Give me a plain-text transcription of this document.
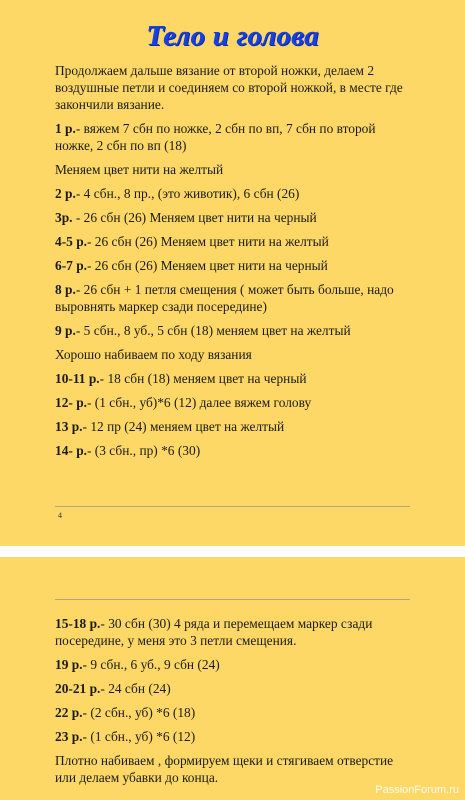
Тело и голова

Продолжаем дальше вязание от второй ножки, делаем 2 воздушные петли и соединяем со второй ножкой, в месте где закончили вязание.

1 р.- вяжем 7 сбн по ножке, 2 сбн по вп, 7 сбн по второй ножке, 2 сбн по вп (18)

Меняем цвет нити на желтый

2 р.- 4 сбн., 8 пр., (это животик), 6 сбн (26)

3р. - 26 сбн (26) Меняем цвет нити на черный

4-5 р.- 26 сбн (26) Меняем цвет нити на желтый

6-7 р.- 26 сбн (26) Меняем цвет нити на черный

8 р.- 26 сбн + 1 петля смещения ( может быть больше, надо выровнять маркер сзади посередине)

9 р.- 5 сбн., 8 уб., 5 сбн (18) меняем цвет на желтый

Хорошо набиваем по ходу вязания

10-11 р.- 18 сбн (18) меняем цвет на черный

12- р.- (1 сбн., уб)*6 (12) далее вяжем голову

13 р.- 12 пр (24) меняем цвет на желтый

14- р.- (3 сбн., пр) *6 (30)

4

15-18 р.- 30 сбн (30) 4 ряда и перемещаем маркер сзади посередине, у меня это 3 петли смещения.

19 р.- 9 сбн., 6 уб., 9 сбн (24)

20-21 р.- 24 сбн (24)

22 р.- (2 сбн., уб) *6 (18)

23 р.- (1 сбн., уб) *6 (12)

Плотно набиваем , формируем щеки и стягиваем отверстие или делаем убавки до конца.

PassionForum.ru
